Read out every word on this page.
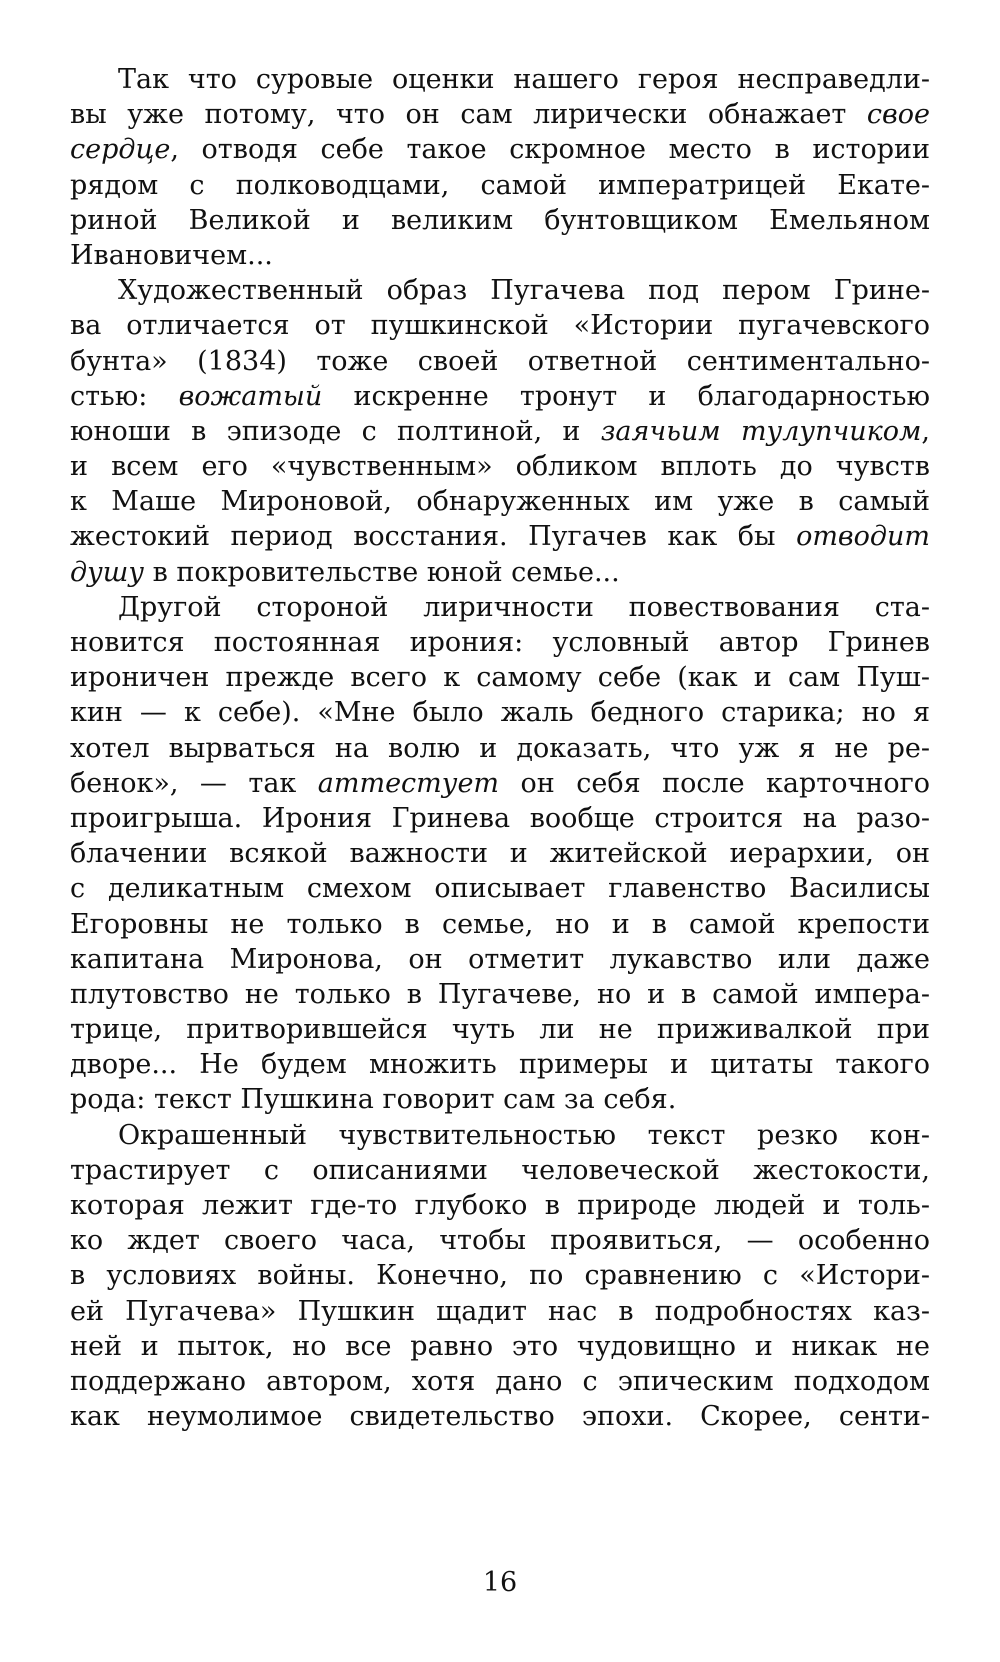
Так что суровые оценки нашего героя несправедли-
вы уже потому, что он сам лирически обнажает свое
сердце, отводя себе такое скромное место в истории
рядом с полководцами, самой императрицей Екате-
риной Великой и великим бунтовщиком Емельяном
Ивановичем...
Художественный образ Пугачева под пером Грине-
ва отличается от пушкинской «Истории пугачевского
бунта» (1834) тоже своей ответной сентиментально-
стью: вожатый искренне тронут и благодарностью
юноши в эпизоде с полтиной, и заячьим тулупчиком,
и всем его «чувственным» обликом вплоть до чувств
к Маше Мироновой, обнаруженных им уже в самый
жестокий период восстания. Пугачев как бы отводит
душу в покровительстве юной семье...
Другой стороной лиричности повествования ста-
новится постоянная ирония: условный автор Гринев
ироничен прежде всего к самому себе (как и сам Пуш-
кин — к себе). «Мне было жаль бедного старика; но я
хотел вырваться на волю и доказать, что уж я не ре-
бенок», — так аттестует он себя после карточного
проигрыша. Ирония Гринева вообще строится на разо-
блачении всякой важности и житейской иерархии, он
с деликатным смехом описывает главенство Василисы
Егоровны не только в семье, но и в самой крепости
капитана Миронова, он отметит лукавство или даже
плутовство не только в Пугачеве, но и в самой импера-
трице, притворившейся чуть ли не приживалкой при
дворе... Не будем множить примеры и цитаты такого
рода: текст Пушкина говорит сам за себя.
Окрашенный чувствительностью текст резко кон-
трастирует с описаниями человеческой жестокости,
которая лежит где-то глубоко в природе людей и толь-
ко ждет своего часа, чтобы проявиться, — особенно
в условиях войны. Конечно, по сравнению с «Истори-
ей Пугачева» Пушкин щадит нас в подробностях каз-
ней и пыток, но все равно это чудовищно и никак не
поддержано автором, хотя дано с эпическим подходом
как неумолимое свидетельство эпохи. Скорее, сенти-
16
